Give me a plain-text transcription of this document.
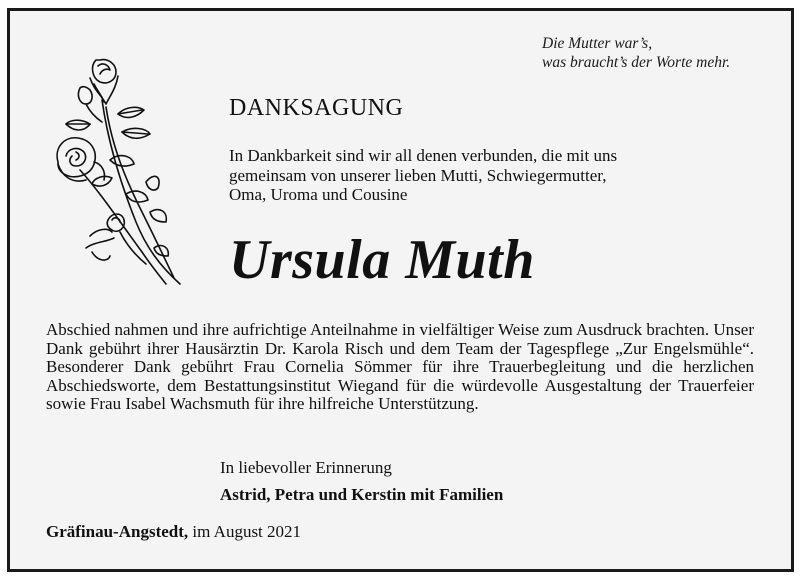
Die Mutter war’s,
was braucht’s der Worte mehr.
DANKSAGUNG
In Dankbarkeit sind wir all denen verbunden, die mit uns
gemeinsam von unserer lieben Mutti, Schwiegermutter,
Oma, Uroma und Cousine
Ursula Muth
Abschied nahmen und ihre aufrichtige Anteilnahme in vielfältiger Weise zum Ausdruck brachten. Unser Dank gebührt ihrer Hausärztin Dr. Karola Risch und dem Team der Tagespflege „Zur Engelsmühle“. Besonderer Dank gebührt Frau Cornelia Sömmer für ihre Trauerbegleitung und die herzlichen Abschiedsworte, dem Bestattungsinstitut Wiegand für die würdevolle Ausgestaltung der Trauerfeier sowie Frau Isabel Wachsmuth für ihre hilfreiche Unterstützung.
In liebevoller Erinnerung
Astrid, Petra und Kerstin mit Familien
Gräfinau-Angstedt, im August 2021
